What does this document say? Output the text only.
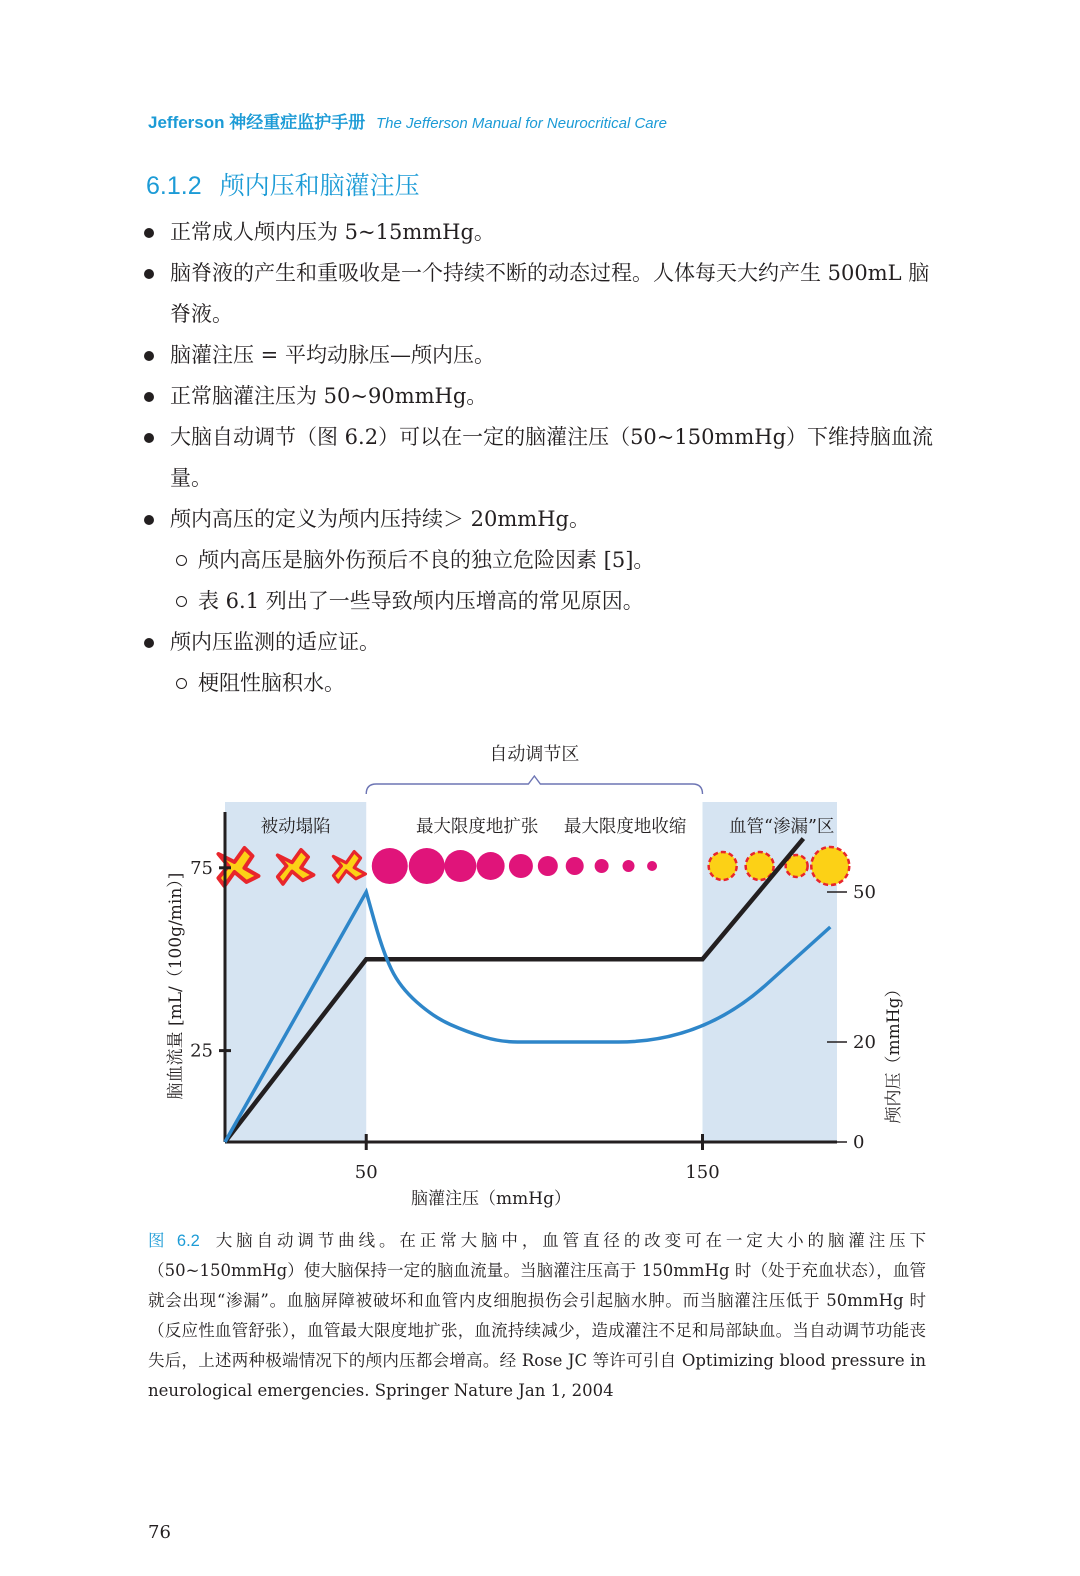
Jefferson 神经重症监护手册 The Jefferson Manual for Neurocritical Care
6.1.2 颅内压和脑灌注压
正常成人颅内压为 5~15mmHg。
脑脊液的产生和重吸收是一个持续不断的动态过程。人体每天大约产生 500mL 脑脊液。
脑灌注压 = 平均动脉压—颅内压。
正常脑灌注压为 50~90mmHg。
大脑自动调节（图 6.2）可以在一定的脑灌注压（50~150mmHg）下维持脑血流量。
颅内高压的定义为颅内压持续＞ 20mmHg。
颅内高压是脑外伤预后不良的独立危险因素 [5]。
表 6.1 列出了一些导致颅内压增高的常见原因。
颅内压监测的适应证。
梗阻性脑积水。
自动调节区
被动塌陷	最大限度地扩张 最大限度地收缩 血管“渗漏”区
25
75
50	150
0
20
50
脑灌注压（mmHg）
脑血流量 [mL/（100g/min）]	颅内压（mmHg）
图 6.2 大脑自动调节曲线。在正常大脑中，血管直径的改变可在一定大小的脑灌注压下（50~150mmHg）使大脑保持一定的脑血流量。当脑灌注压高于 150mmHg 时（处于充血状态），血管就会出现“渗漏”。血脑屏障被破坏和血管内皮细胞损伤会引起脑水肿。而当脑灌注压低于 50mmHg 时（反应性血管舒张），血管最大限度地扩张，血流持续减少，造成灌注不足和局部缺血。当自动调节功能丧失后，上述两种极端情况下的颅内压都会增高。经 Rose JC 等许可引自 Optimizing blood pressure in neurological emergencies. Springer Nature Jan 1, 2004
76
